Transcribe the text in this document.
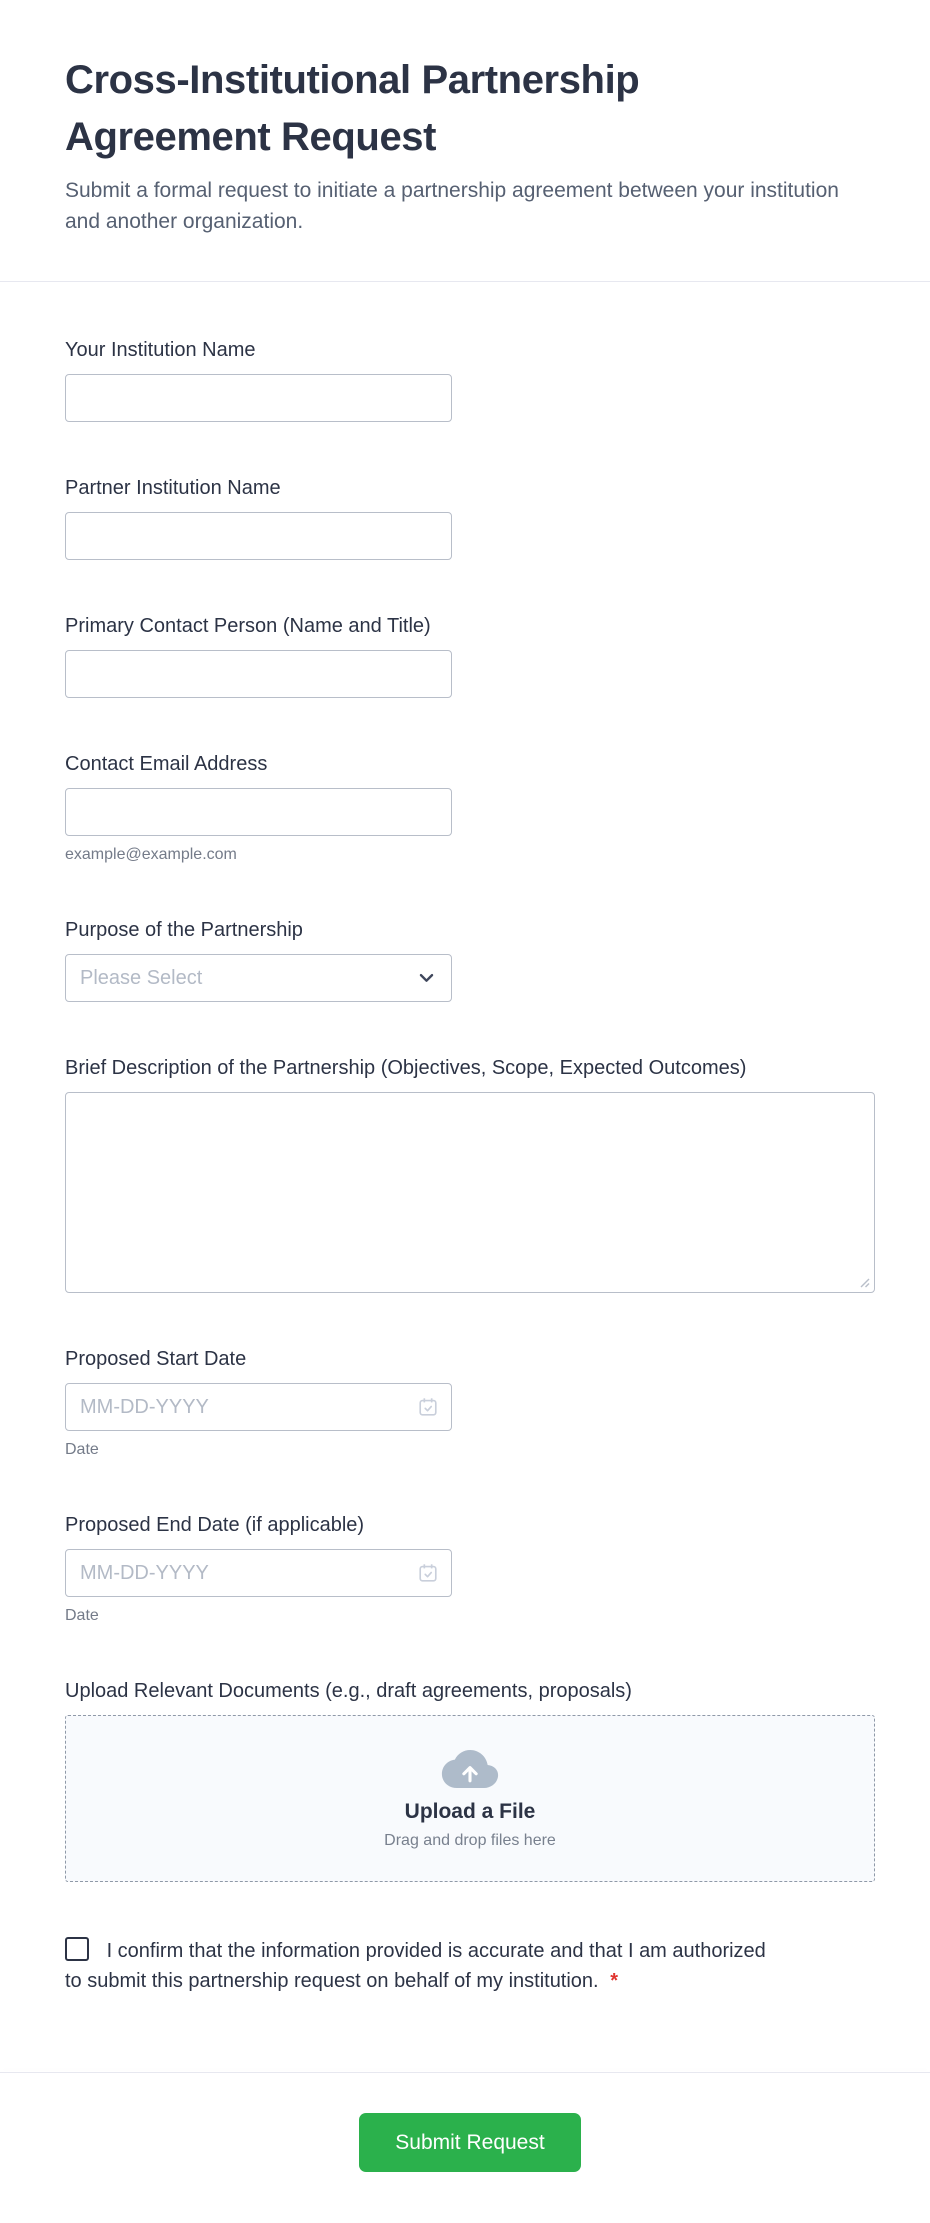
Cross-Institutional Partnership Agreement Request

Submit a formal request to initiate a partnership agreement between your institution and another organization.

Your Institution Name
Partner Institution Name
Primary Contact Person (Name and Title)
Contact Email Address
example@example.com
Purpose of the Partnership
Please Select
Brief Description of the Partnership (Objectives, Scope, Expected Outcomes)
Proposed Start Date
MM-DD-YYYY
Date
Proposed End Date (if applicable)
MM-DD-YYYY
Date
Upload Relevant Documents (e.g., draft agreements, proposals)
Upload a File
Drag and drop files here
I confirm that the information provided is accurate and that I am authorized to submit this partnership request on behalf of my institution. *
Submit Request
